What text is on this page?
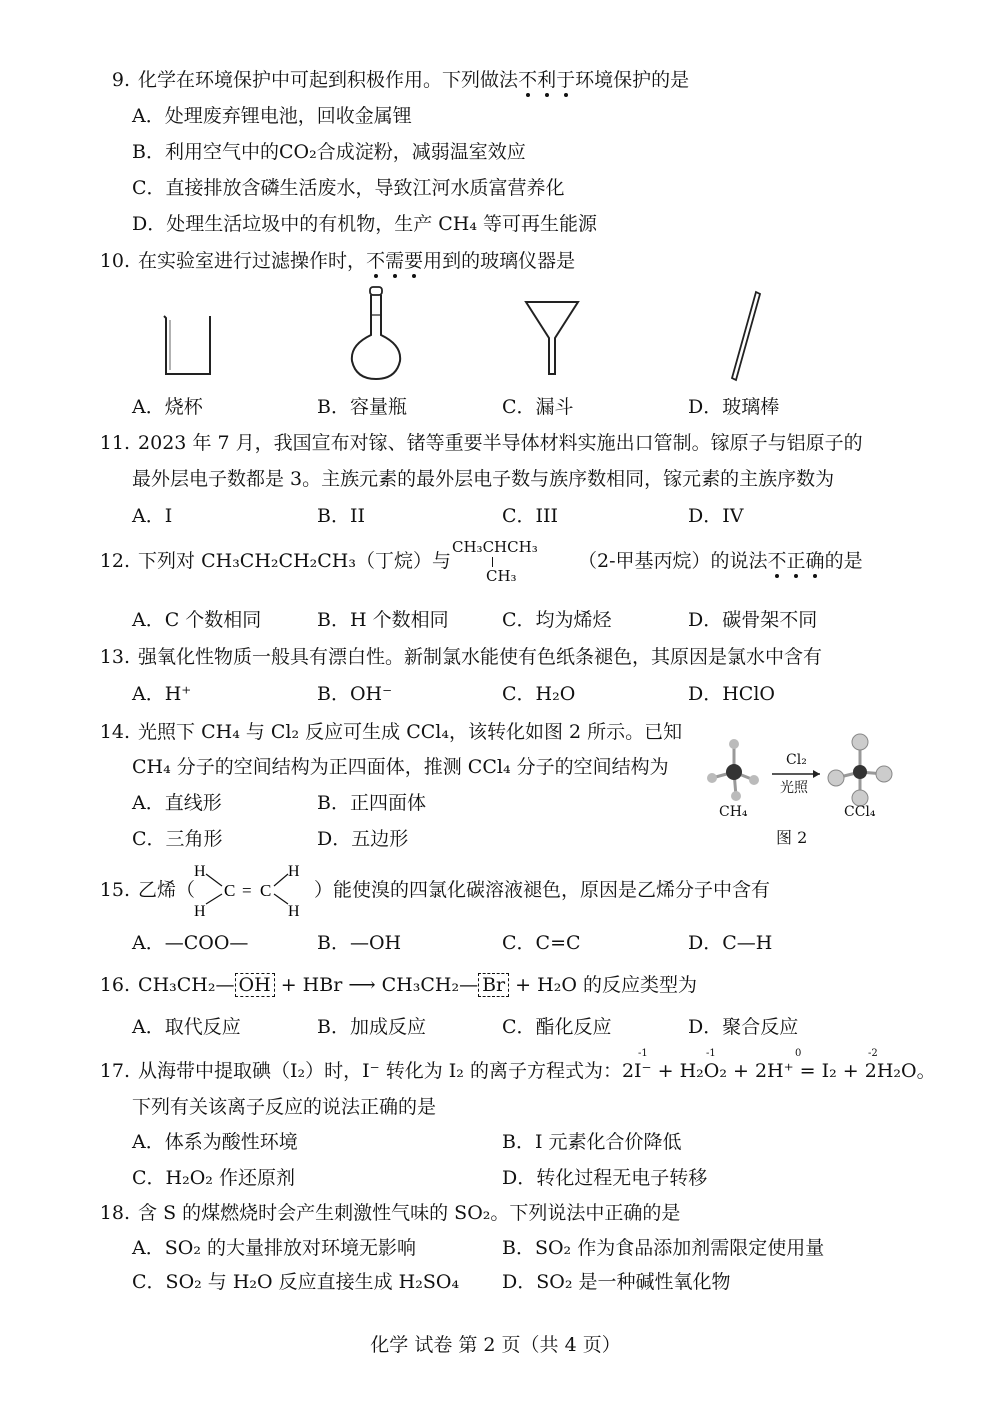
9. 化学在环境保护中可起到积极作用。下列做法不利于环境保护的是
A．处理废弃锂电池，回收金属锂
B．利用空气中的CO₂合成淀粉，减弱温室效应
C．直接排放含磷生活废水，导致江河水质富营养化
D．处理生活垃圾中的有机物，生产 CH₄ 等可再生能源
10. 在实验室进行过滤操作时，不需要用到的玻璃仪器是
A．烧杯	B．容量瓶	C．漏斗	D．玻璃棒
11. 2023 年 7 月，我国宣布对镓、锗等重要半导体材料实施出口管制。镓原子与铝原子的
最外层电子数都是 3。主族元素的最外层电子数与族序数相同，镓元素的主族序数为
A．I	B．II	C．III	D．IV
12. 下列对 CH₃CH₂CH₂CH₃（丁烷）与
CH₃CHCH₃
CH₃
（2-甲基丙烷）的说法不正确的是
A．C 个数相同	B．H 个数相同	C．均为烯烃	D．碳骨架不同
13. 强氧化性物质一般具有漂白性。新制氯水能使有色纸条褪色，其原因是氯水中含有
A．H⁺	B．OH⁻	C．H₂O	D．HClO
14. 光照下 CH₄ 与 Cl₂ 反应可生成 CCl₄，该转化如图 2 所示。已知
CH₄ 分子的空间结构为正四面体，推测 CCl₄ 分子的空间结构为
A．直线形	B．正四面体
C．三角形	D．五边形
Cl₂
光照
CH₄	CCl₄
图 2
15. 乙烯（
H
H
C = C
H
H
）能使溴的四氯化碳溶液褪色，原因是乙烯分子中含有
A．—COO—	B．—OH	C．C=C	D．C—H
16. CH₃CH₂— OH + HBr ⟶ CH₃CH₂— Br + H₂O 的反应类型为
A．取代反应	B．加成反应	C．酯化反应	D．聚合反应
17. 从海带中提取碘（I₂）时，I⁻ 转化为 I₂ 的离子方程式为：2I⁻ + H₂O₂ + 2H⁺ = I₂ + 2H₂O。
-1	-1	0	-2
下列有关该离子反应的说法正确的是
A．体系为酸性环境	B．I 元素化合价降低
C．H₂O₂ 作还原剂	D．转化过程无电子转移
18. 含 S 的煤燃烧时会产生刺激性气味的 SO₂。下列说法中正确的是
A．SO₂ 的大量排放对环境无影响	B．SO₂ 作为食品添加剂需限定使用量
C．SO₂ 与 H₂O 反应直接生成 H₂SO₄ D．SO₂ 是一种碱性氧化物
化学 试卷 第 2 页（共 4 页）
